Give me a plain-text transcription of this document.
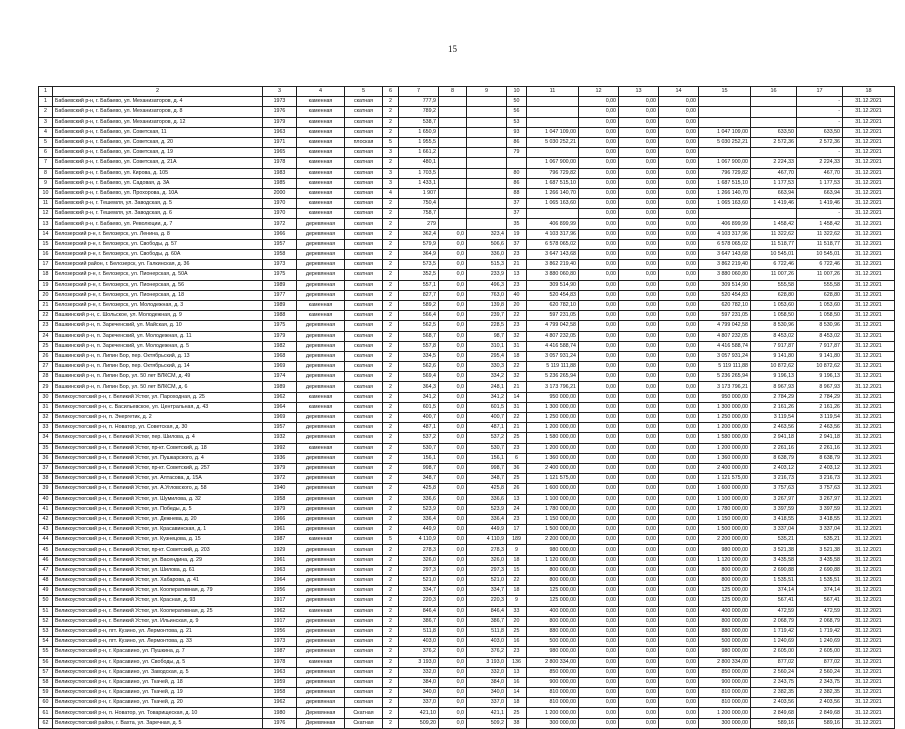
15
1	2	3	4	5	6	7	8	9	10	11	12	13	14	15	16	17	18
1	Бабаевский р-н, г. Бабаево, ул. Механизаторов, д. 4	1973	каменная	скатная	2	777,9			50		0,00	0,00	0,00			-	31.12.2021
2	Бабаевский р-н, г. Бабаево, ул. Механизаторов, д. 8	1976	каменная	скатная	2	789,2			56		0,00	0,00	0,00			-	31.12.2021
3	Бабаевский р-н, г. Бабаево, ул. Механизаторов, д. 12	1979	каменная	скатная	2	538,7			53		0,00	0,00	0,00			-	31.12.2021
4	Бабаевский р-н, г. Бабаево, ул. Советская, 11	1963	каменная	скатная	2	1 650,9			93	1 047 109,00	0,00	0,00	0,00	1 047 109,00	633,50	633,50	31.12.2021
5	Бабаевский р-н, г. Бабаево, ул. Советская, д. 20	1971	каменная	плоская	5	1 955,5			86	5 030 252,21	0,00	0,00	0,00	5 030 252,21	2 572,36	2 572,36	31.12.2021
6	Бабаевский р-н, г. Бабаево, ул. Советская, д. 19	1965	каменная	скатная	3	1 661,2			79		0,00	0,00	0,00			-	31.12.2021
7	Бабаевский р-н, г. Бабаево, ул. Советская, д. 21А	1978	каменная	скатная	2	480,1				1 067 900,00	0,00	0,00	0,00	1 067 900,00	2 224,33	2 224,33	31.12.2021
8	Бабаевский р-н, г. Бабаево, ул. Кирова, д. 105	1983	каменная	скатная	3	1 703,5			80	796 729,82	0,00	0,00	0,00	796 729,82	467,70	467,70	31.12.2021
9	Бабаевский р-н, г. Бабаево, ул. Садовая, д. 3А	1985	каменная	скатная	3	1 433,1			86	1 687 515,10	0,00	0,00	0,00	1 687 515,10	1 177,53	1 177,53	31.12.2021
10	Бабаевский р-н, г. Бабаево, ул. Прохорова, д. 10А	2000	каменная	скатная	4	1 907			88	1 266 140,70	0,00	0,00	0,00	1 266 140,70	663,94	663,94	31.12.2021
11	Бабаевский р-н, г. Тешемля, ул. Заводская, д. 5	1970	каменная	скатная	2	750,4			37	1 065 163,60	0,00	0,00	0,00	1 065 163,60	1 419,46	1 419,46	31.12.2021
12	Бабаевский р-н, г. Тешемля, ул. Заводская, д. 6	1970	каменная	скатная	2	758,7			37		0,00	0,00	0,00			-	31.12.2021
13	Бабаевский р-н, г. Бабаево, ул. Революции, д. 7	1972	деревянная	скатная	2	279			35	406 899,99	0,00	0,00	0,00	406 899,99	1 458,42	1 458,42	31.12.2021
14	Белозерский р-н, г. Белозерск, ул. Ленина, д. 8	1966	деревянная	скатная	2	362,4	0,0	323,4	19	4 103 317,96	0,00	0,00	0,00	4 103 317,96	11 322,62	11 322,62	31.12.2021
15	Белозерский р-н, г. Белозерск, ул. Свободы, д. 57	1957	деревянная	скатная	2	579,9	0,0	506,6	37	6 578 065,02	0,00	0,00	0,00	6 578 065,02	11 518,77	11 518,77	31.12.2021
16	Белозерский р-н, г. Белозерск, ул. Свободы, д. 60А	1958	деревянная	скатная	2	364,9	0,0	336,0	23	3 647 143,68	0,00	0,00	0,00	3 647 143,68	10 545,01	10 545,01	31.12.2021
17	Белозерский район, г. Белозерск, ул. Галкинская, д. 36	1973	деревянная	скатная	2	573,5	0,0	515,3	21	3 862 219,40	0,00	0,00	0,00	3 862 219,40	6 722,46	6 722,46	31.12.2021
18	Белозерский р-н, г. Белозерск, ул. Пионерская, д. 50А	1975	деревянная	скатная	2	352,5	0,0	233,9	13	3 880 060,80	0,00	0,00	0,00	3 880 060,80	11 007,26	11 007,26	31.12.2021
19	Белозерский р-н, г. Белозерск, ул. Пионерская, д. 56	1989	деревянная	скатная	2	557,1	0,0	496,3	23	309 514,90	0,00	0,00	0,00	309 514,90	555,58	555,58	31.12.2021
20	Белозерский р-н, г. Белозерск, ул. Пионерская, д. 18	1977	деревянная	скатная	2	827,7	0,0	763,0	40	520 454,83	0,00	0,00	0,00	520 454,83	628,80	628,80	31.12.2021
21	Белозерский р-н, г. Белозерск, ул. Молодежная, д. 3	1989	каменная	скатная	2	589,2	0,0	139,8	20	620 782,10	0,00	0,00	0,00	620 782,10	1 053,60	1 053,60	31.12.2021
22	Вашкинский р-н, с. Шольское, ул. Молодежная, д. 9	1988	каменная	скатная	2	566,4	0,0	239,7	22	597 231,05	0,00	0,00	0,00	597 231,05	1 058,50	1 058,50	31.12.2021
23	Вашкинский р-н, п. Зареченский, ул. Майская, д. 10	1975	деревянная	скатная	2	562,5	0,0	228,5	23	4 799 042,58	0,00	0,00	0,00	4 799 042,58	8 530,96	8 530,96	31.12.2021
24	Вашкинский р-н, п. Зареченский, ул. Молодежная, д. 11	1979	деревянная	скатная	2	568,7	0,0	98,7	32	4 807 232,05	0,00	0,00	0,00	4 807 232,05	8 453,02	8 453,02	31.12.2021
25	Вашкинский р-н, п. Зареченский, ул. Молодежная, д. 5	1982	деревянная	скатная	2	557,8	0,0	310,1	31	4 416 588,74	0,00	0,00	0,00	4 416 588,74	7 917,87	7 917,87	31.12.2021
26	Вашкинский р-н, п. Липин Бор, пер. Октябрьский, д. 13	1968	деревянная	скатная	2	334,5	0,0	295,4	18	3 057 931,24	0,00	0,00	0,00	3 057 931,24	9 141,80	9 141,80	31.12.2021
27	Вашкинский р-н, п. Липин Бор, пер. Октябрьский, д. 14	1969	деревянная	скатная	2	562,6	0,0	330,3	22	5 119 111,88	0,00	0,00	0,00	5 119 111,88	10 872,62	10 872,62	31.12.2021
28	Вашкинский р-н, п. Липин Бор, ул. 50 лет ВЛКСМ, д. 49	1974	деревянная	скатная	2	569,4	0,0	334,2	32	5 236 265,94	0,00	0,00	0,00	5 236 265,94	9 196,13	9 196,13	31.12.2021
29	Вашкинский р-н, п. Липин Бор, ул. 50 лет ВЛКСМ, д. 6	1989	деревянная	скатная	2	364,3	0,0	248,1	21	3 173 796,21	0,00	0,00	0,00	3 173 796,21	8 967,93	8 967,93	31.12.2021
30	Великоустюгский р-н, г. Великий Устюг, ул. Пароходная, д. 25	1962	каменная	скатная	2	341,2	0,0	341,2	14	950 000,00	0,00	0,00	0,00	950 000,00	2 784,29	2 784,29	31.12.2021
31	Великоустюгский р-н, с. Васильевское, ул. Центральная, д. 43	1964	каменная	скатная	2	601,5	0,0	601,5	31	1 300 000,00	0,00	0,00	0,00	1 300 000,00	2 161,26	2 161,26	31.12.2021
32	Великоустюгский р-н, п. Энергетик, д. 2	1969	деревянная	скатная	2	400,7	0,0	400,7	22	1 250 000,00	0,00	0,00	0,00	1 250 000,00	3 119,54	3 119,54	31.12.2021
33	Великоустюгский р-н, п. Новатор, ул. Советская, д. 30	1957	деревянная	скатная	2	487,1	0,0	487,1	21	1 200 000,00	0,00	0,00	0,00	1 200 000,00	2 463,56	2 463,56	31.12.2021
34	Великоустюгский р-н, г. Великий Устюг, пер. Шилова, д. 4	1932	деревянная	скатная	2	537,2	0,0	537,2	25	1 580 000,00	0,00	0,00	0,00	1 580 000,00	2 941,18	2 941,18	31.12.2021
35	Великоустюгский р-н, г. Великий Устюг, пр-кт. Советский, д. 18	1992	каменная	скатная	2	530,7	0,0	530,7	23	1 200 000,00	0,00	0,00	0,00	1 200 000,00	2 261,16	2 261,16	31.12.2021
36	Великоустюгский р-н, г. Великий Устюг, ул. Пушкарского, д. 4	1936	деревянная	скатная	2	156,1	0,0	156,1	6	1 360 000,00	0,00	0,00	0,00	1 360 000,00	8 638,79	8 638,79	31.12.2021
37	Великоустюгский р-н, г. Великий Устюг, пр-кт. Советский, д. 257	1979	деревянная	скатная	2	998,7	0,0	998,7	36	2 400 000,00	0,00	0,00	0,00	2 400 000,00	2 403,12	2 403,12	31.12.2021
38	Великоустюгский р-н, г. Великий Устюг, ул. Алтасова, д. 15А	1972	деревянная	скатная	2	348,7	0,0	348,7	25	1 121 575,00	0,00	0,00	0,00	1 121 575,00	3 216,73	3 216,73	31.12.2021
39	Великоустюгский р-н, г. Великий Устюг, ул. А.Угловского, д. 58	1940	деревянная	скатная	2	425,8	0,0	425,8	26	1 600 000,00	0,00	0,00	0,00	1 600 000,00	3 757,63	3 757,63	31.12.2021
40	Великоустюгский р-н, г. Великий Устюг, ул. Шумилова, д. 32	1958	деревянная	скатная	2	336,6	0,0	336,6	13	1 100 000,00	0,00	0,00	0,00	1 100 000,00	3 267,97	3 267,97	31.12.2021
41	Великоустюгский р-н, г. Великий Устюг, ул. Победы, д. 5	1979	деревянная	скатная	2	523,9	0,0	523,9	24	1 780 000,00	0,00	0,00	0,00	1 780 000,00	3 397,59	3 397,59	31.12.2021
42	Великоустюгский р-н, г. Великий Устюг, ул. Дежнева, д. 20	1966	деревянная	скатная	2	336,4	0,0	336,4	23	1 150 000,00	0,00	0,00	0,00	1 150 000,00	3 418,55	3 418,55	31.12.2021
43	Великоустюгский р-н, г. Великий Устюг, ул. Красавинская, д. 1	1961	деревянная	скатная	2	449,9	0,0	449,9	17	1 500 000,00	0,00	0,00	0,00	1 500 000,00	3 337,04	3 337,04	31.12.2021
44	Великоустюгский р-н, г. Великий Устюг, ул. Кузнецова, д. 15	1987	каменная	скатная	5	4 110,9	0,0	4 110,9	189	2 200 000,00	0,00	0,00	0,00	2 200 000,00	535,21	535,21	31.12.2021
45	Великоустюгский р-н, г. Великий Устюг, пр-кт. Советский, д. 203	1929	деревянная	скатная	2	278,3	0,0	278,3	9	980 000,00	0,00	0,00	0,00	980 000,00	3 521,38	3 521,38	31.12.2021
46	Великоустюгский р-н, г. Великий Устюг, ул. Васендина, д. 29	1961	деревянная	скатная	2	326,0	0,0	326,0	18	1 120 000,00	0,00	0,00	0,00	1 120 000,00	3 435,58	3 435,58	31.12.2021
47	Великоустюгский р-н, г. Великий Устюг, ул. Шилова, д. 61	1963	деревянная	скатная	2	297,3	0,0	297,3	15	800 000,00	0,00	0,00	0,00	800 000,00	2 690,88	2 690,88	31.12.2021
48	Великоустюгский р-н, г. Великий Устюг, ул. Хабарова, д. 41	1964	деревянная	скатная	2	521,0	0,0	521,0	22	800 000,00	0,00	0,00	0,00	800 000,00	1 535,51	1 535,51	31.12.2021
49	Великоустюгский р-н, г. Великий Устюг, ул. Кооперативная, д. 79	1956	деревянная	скатная	2	334,7	0,0	334,7	18	125 000,00	0,00	0,00	0,00	125 000,00	374,14	374,14	31.12.2021
50	Великоустюгский р-н, г. Великий Устюг, ул. Красная, д. 93	1917	деревянная	скатная	2	220,3	0,0	220,3	9	125 000,00	0,00	0,00	0,00	125 000,00	567,41	567,41	31.12.2021
51	Великоустюгский р-н, г. Великий Устюг, ул. Кооперативная, д. 25	1962	каменная	скатная	2	846,4	0,0	846,4	33	400 000,00	0,00	0,00	0,00	400 000,00	472,59	472,59	31.12.2021
52	Великоустюгский р-н, г. Великий Устюг, ул. Ильинская, д. 9	1917	деревянная	скатная	2	386,7	0,0	386,7	20	800 000,00	0,00	0,00	0,00	800 000,00	2 068,79	2 068,79	31.12.2021
53	Великоустюгский р-н, пгт. Кузино, ул. Лермонтова, д. 21	1956	деревянная	скатная	2	511,8	0,0	511,8	25	880 000,00	0,00	0,00	0,00	880 000,00	1 719,42	1 719,42	31.12.2021
54	Великоустюгский р-н, пгт. Кузино, ул. Лермонтова, д. 33	1973	деревянная	скатная	2	403,0	0,0	403,0	16	500 000,00	0,00	0,00	0,00	500 000,00	1 240,69	1 240,69	31.12.2021
55	Великоустюгский р-н, г. Красавино, ул. Пушкина, д. 7	1987	деревянная	скатная	2	376,2	0,0	376,2	23	980 000,00	0,00	0,00	0,00	980 000,00	2 605,00	2 605,00	31.12.2021
56	Великоустюгский р-н, г. Красавино, ул. Свободы, д. 5	1978	каменная	скатная	2	3 193,0	0,0	3 193,0	136	2 800 334,00	0,00	0,00	0,00	2 800 334,00	877,02	877,02	31.12.2021
57	Великоустюгский р-н, г. Красавино, ул. Заводская, д. 5	1963	деревянная	скатная	2	332,0	0,0	332,0	13	850 000,00	0,00	0,00	0,00	850 000,00	2 560,24	2 560,24	31.12.2021
58	Великоустюгский р-н, г. Красавино, ул. Ткачей, д. 18	1959	деревянная	скатная	2	384,0	0,0	384,0	16	900 000,00	0,00	0,00	0,00	900 000,00	2 343,75	2 343,75	31.12.2021
59	Великоустюгский р-н, г. Красавино, ул. Ткачей, д. 19	1958	деревянная	скатная	2	340,0	0,0	340,0	14	810 000,00	0,00	0,00	0,00	810 000,00	2 382,35	2 382,35	31.12.2021
60	Великоустюгский р-н, г. Красавино, ул. Ткачей, д. 20	1962	деревянная	скатная	2	337,0	0,0	337,0	18	810 000,00	0,00	0,00	0,00	810 000,00	2 403,56	2 403,56	31.12.2021
61	Великоустюгский р-н, п. Новатор, ул. Товарищеская, д. 10	1980	Деревянная	Скатная	2	421,10	0,0	421,1	25	1 200 000,00	0,00	0,00	0,00	1 200 000,00	2 849,68	2 849,68	31.12.2021
62	Великоустюгский район, г. Вахта, ул. Заречная, д. 5	1976	Деревянная	Скатная	2	509,20	0,0	509,2	38	300 000,00	0,00	0,00	0,00	300 000,00	589,16	589,16	31.12.2021
